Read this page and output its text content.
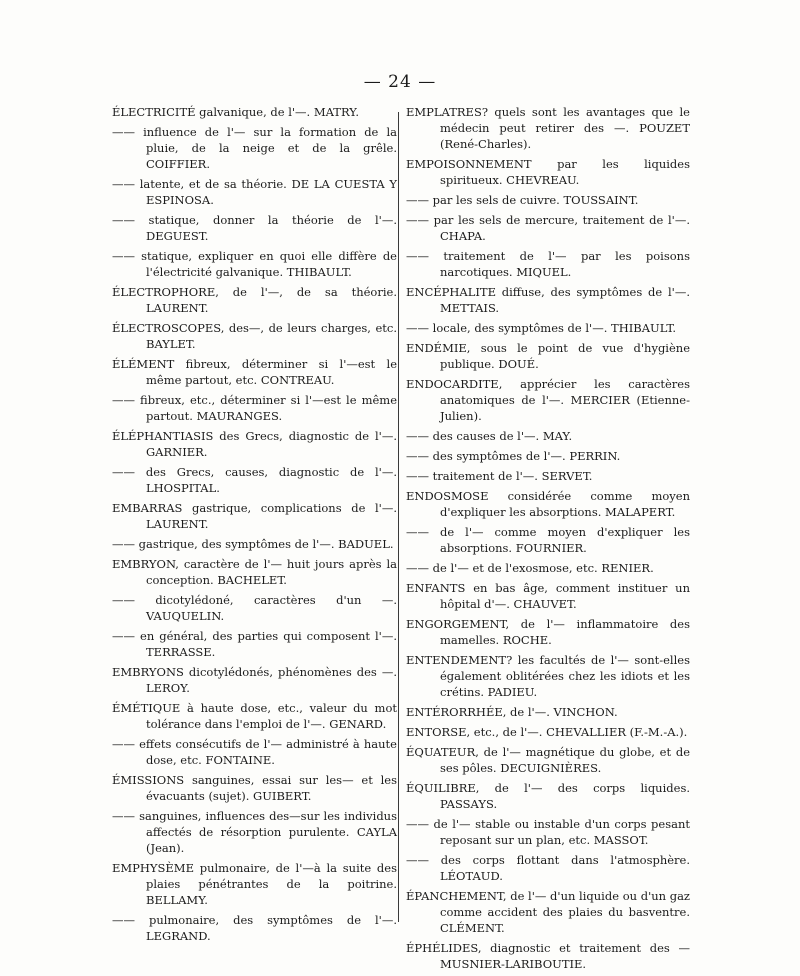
— 24 —

ÉLECTRICITÉ galvanique, de l'—. MATRY.

—— influence de l'— sur la formation de la pluie, de la neige et de la grêle. COIFFIER.

—— latente, et de sa théorie. DE LA CUESTA Y ESPINOSA.

—— statique, donner la théorie de l'—. DEGUEST.

—— statique, expliquer en quoi elle diffère de l'électricité galvanique. THIBAULT.

ÉLECTROPHORE, de l'—, de sa théorie. LAURENT.

ÉLECTROSCOPES, des—, de leurs charges, etc. BAYLET.

ÉLÉMENT fibreux, déterminer si l'—est le même partout, etc. CONTREAU.

—— fibreux, etc., déterminer si l'—est le même partout. MAURANGES.

ÉLÉPHANTIASIS des Grecs, diagnostic de l'—. GARNIER.

—— des Grecs, causes, diagnostic de l'—. LHOSPITAL.

EMBARRAS gastrique, complications de l'—. LAURENT.

—— gastrique, des symptômes de l'—. BADUEL.

EMBRYON, caractère de l'— huit jours après la conception. BACHELET.

—— dicotylédoné, caractères d'un —. VAUQUELIN.

—— en général, des parties qui composent l'—. TERRASSE.

EMBRYONS dicotylédonés, phénomènes des —. LEROY.

ÉMÉTIQUE à haute dose, etc., valeur du mot tolérance dans l'emploi de l'—. GENARD.

—— effets consécutifs de l'— administré à haute dose, etc. FONTAINE.

ÉMISSIONS sanguines, essai sur les— et les évacuants (sujet). GUIBERT.

—— sanguines, influences des—sur les individus affectés de résorption purulente. CAYLA (Jean).

EMPHYSÈME pulmonaire, de l'—à la suite des plaies pénétrantes de la poitrine. BELLAMY.

—— pulmonaire, des symptômes de l'—. LEGRAND.

EMPLATRES? quels sont les avantages que le médecin peut retirer des —. POUZET (René-Charles).

EMPOISONNEMENT par les liquides spiritueux. CHEVREAU.

—— par les sels de cuivre. TOUSSAINT.

—— par les sels de mercure, traitement de l'—. CHAPA.

—— traitement de l'— par les poisons narcotiques. MIQUEL.

ENCÉPHALITE diffuse, des symptômes de l'—. METTAIS.

—— locale, des symptômes de l'—. THIBAULT.

ENDÉMIE, sous le point de vue d'hygiène publique. DOUÉ.

ENDOCARDITE, apprécier les caractères anatomiques de l'—. MERCIER (Etienne-Julien).

—— des causes de l'—. MAY.

—— des symptômes de l'—. PERRIN.

—— traitement de l'—. SERVET.

ENDOSMOSE considérée comme moyen d'expliquer les absorptions. MALAPERT.

—— de l'— comme moyen d'expliquer les absorptions. FOURNIER.

—— de l'— et de l'exosmose, etc. RENIER.

ENFANTS en bas âge, comment instituer un hôpital d'—. CHAUVET.

ENGORGEMENT, de l'— inflammatoire des mamelles. ROCHE.

ENTENDEMENT? les facultés de l'— sont-elles également oblitérées chez les idiots et les crétins. PADIEU.

ENTÉRORRHÉE, de l'—. VINCHON.

ENTORSE, etc., de l'—. CHEVALLIER (F.-M.-A.).

ÉQUATEUR, de l'— magnétique du globe, et de ses pôles. DECUIGNIÈRES.

ÉQUILIBRE, de l'— des corps liquides. PASSAYS.

—— de l'— stable ou instable d'un corps pesant reposant sur un plan, etc. MASSOT.

—— des corps flottant dans l'atmosphère. LÉOTAUD.

ÉPANCHEMENT, de l'— d'un liquide ou d'un gaz comme accident des plaies du basventre. CLÉMENT.

ÉPHÉLIDES, diagnostic et traitement des — MUSNIER-LARIBOUTIE.
